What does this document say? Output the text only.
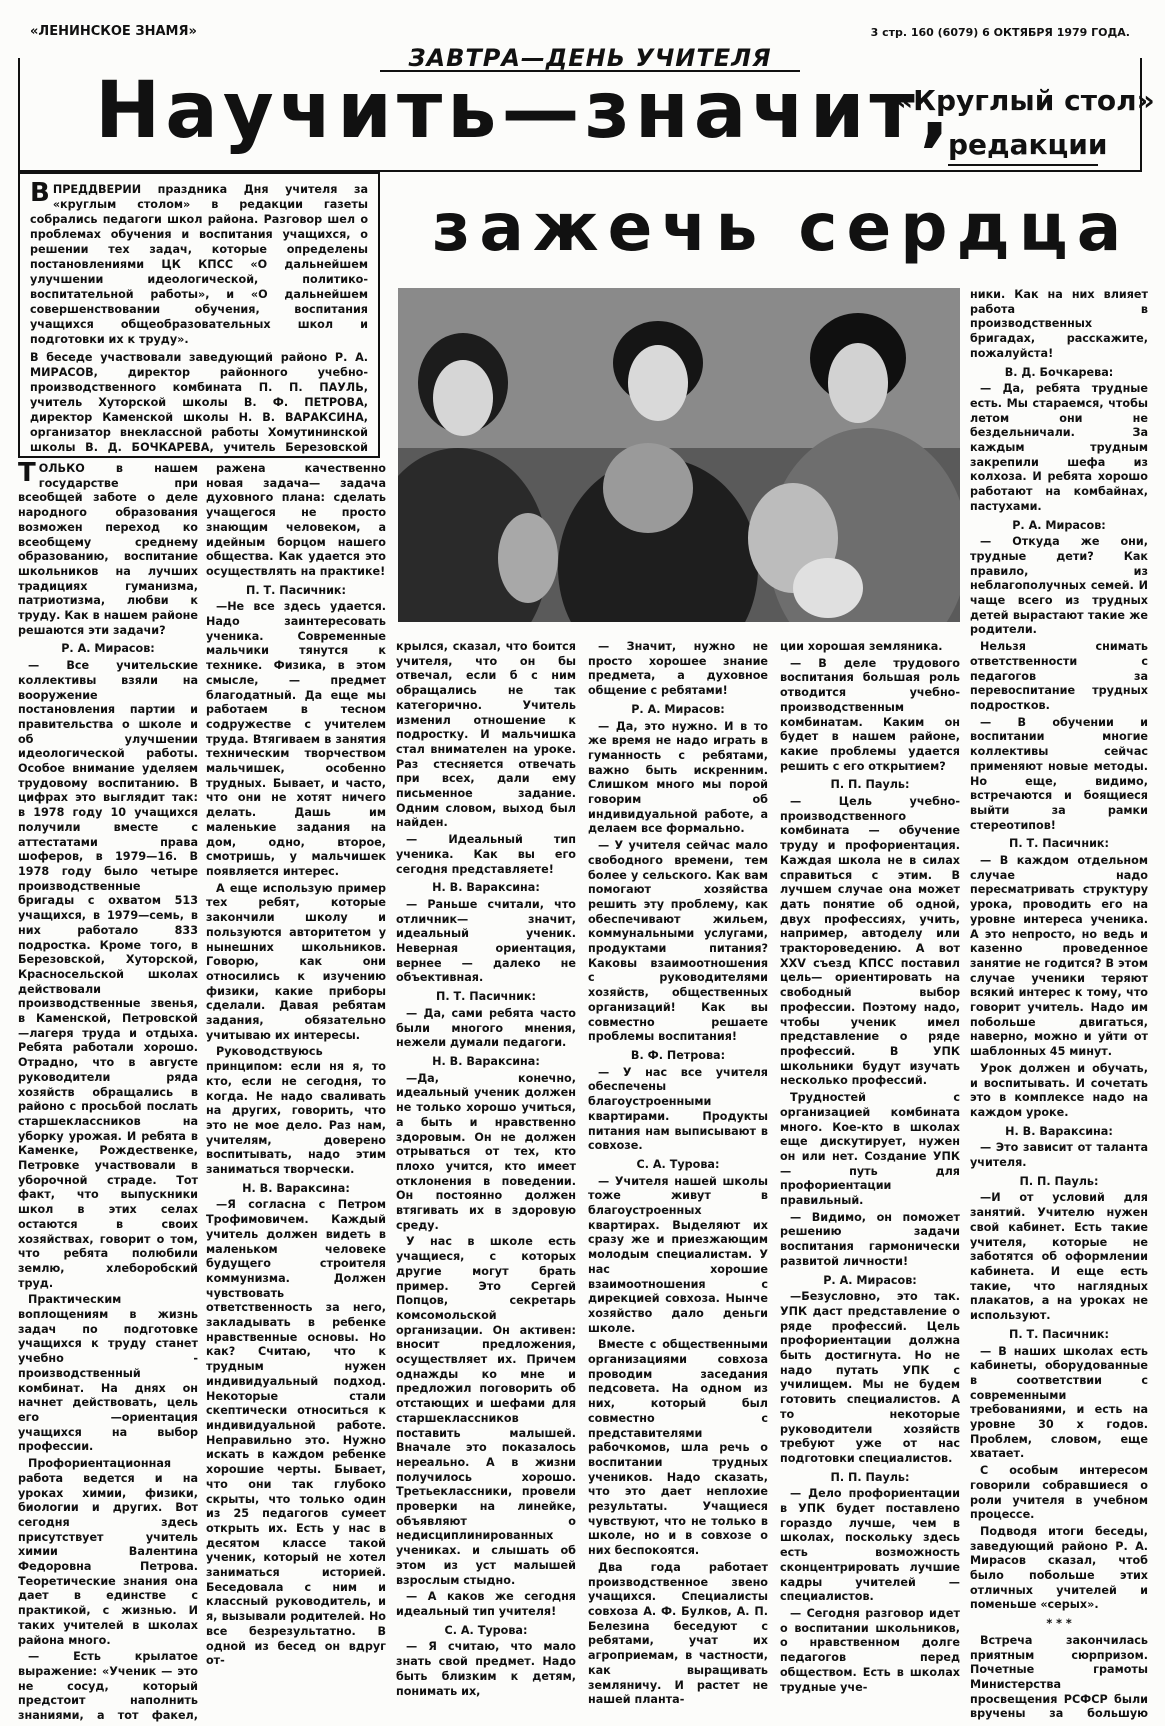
«ЛЕНИНСКОЕ ЗНАМЯ»	3 стр. 160 (6079) 6 ОКТЯБРЯ 1979 ГОДА.
ЗАВТРА—ДЕНЬ УЧИТЕЛЯ
Научить—значит,
«Круглый стол»
редакции
зажечь сердца

ВПРЕДДВЕРИИ праздника Дня учителя за «круглым столом» в редакции газеты собрались педагоги школ района. Разговор шел о проблемах обучения и воспитания учащихся, о решении тех задач, которые определены постановлениями ЦК КПСС «О дальнейшем улучшении идеологической, политико-воспитательной работы», и «О дальнейшем совершенствовании обучения, воспитания учащихся общеобразовательных школ и подготовки их к труду».

В беседе участвовали заведующий районо Р. А. МИРАСОВ, директор районного учебно-производственного комбината П. П. ПАУЛЬ, учитель Хуторской школы В. Ф. ПЕТРОВА, директор Каменской школы Н. В. ВАРАКСИНА, организатор внеклассной работы Хомутининской школы В. Д. БОЧКАРЕВА, учитель Березовской

ТОЛЬКО в нашем государстве при всеобщей заботе о деле народного образования возможен переход ко всеобщему среднему образованию, воспитание школьников на лучших традициях гуманизма, патриотизма, любви к труду. Как в нашем районе решаются эти задачи?

Р. А. Мирасов:

— Все учительские коллективы взяли на вооружение постановления партии и правительства о школе и об улучшении идеологической работы. Особое внимание уделяем трудовому воспитанию. В цифрах это выглядит так: в 1978 году 10 учащихся получили вместе с аттестатами права шоферов, в 1979—16. В 1978 году было четыре производственные бригады с охватом 513 учащихся, в 1979—семь, в них работало 833 подростка. Кроме того, в Березовской, Хуторской, Красносельской школах действовали производственные звенья, в Каменской, Петровской —лагеря труда и отдыха. Ребята работали хорошо. Отрадно, что в августе руководители ряда хозяйств обращались в районо с просьбой послать старшеклассников на уборку урожая. И ребята в Каменке, Рождественке, Петровке участвовали в уборочной страде. Тот факт, что выпускники школ в этих селах остаются в своих хозяйствах, говорит о том, что ребята полюбили землю, хлеборобский труд.

Практическим воплощениям в жизнь задач по подготовке учащихся к труду станет учебно - производственный комбинат. На днях он начнет действовать, цель его —ориентация учащихся на выбор профессии.

Профориентационная работа ведется и на уроках химии, физики, биологии и других. Вот сегодня здесь присутствует учитель химии Валентина Федоровна Петрова. Теоретические знания она дает в единстве с практикой, с жизнью. И таких учителей в школах района много.

— Есть крылатое выражение: «Ученик — это не сосуд, который предстоит наполнить знаниями, а тот факел,

ражена качественно новая задача— задача духовного плана: сделать учащегося не просто знающим человеком, а идейным борцом нашего общества. Как удается это осуществлять на практике!

П. Т. Пасичник:

—Не все здесь удается. Надо заинтересовать ученика. Современные мальчики тянутся к технике. Физика, в этом смысле, — предмет благодатный. Да еще мы работаем в тесном содружестве с учителем труда. Втягиваем в занятия техническим творчеством мальчишек, особенно трудных. Бывает, и часто, что они не хотят ничего делать. Дашь им маленькие задания на дом, одно, второе, смотришь, у мальчишек появляется интерес.

А еще использую пример тех ребят, которые закончили школу и пользуются авторитетом у нынешних школьников. Говорю, как они относились к изучению физики, какие приборы сделали. Давая ребятам задания, обязательно учитываю их интересы.

Руководствуюсь принципом: если ня я, то кто, если не сегодня, то когда. Не надо сваливать на других, говорить, что это не мое дело. Раз нам, учителям, доверено воспитывать, надо этим заниматься творчески.

Н. В. Вараксина:

—Я согласна с Петром Трофимовичем. Каждый учитель должен видеть в маленьком человеке будущего строителя коммунизма. Должен чувствовать ответственность за него, закладывать в ребенке нравственные основы. Но как? Считаю, что к трудным нужен индивидуальный подход. Некоторые стали скептически относиться к индивидуальной работе. Неправильно это. Нужно искать в каждом ребенке хорошие черты. Бывает, что они так глубоко скрыты, что только один из 25 педагогов сумеет открыть их. Есть у нас в десятом классе такой ученик, который не хотел заниматься историей. Беседовала с ним и классный руководитель, и я, вызывали родителей. Но все безрезультатно. В одной из бесед он вдруг от-

крылся, сказал, что боится учителя, что он бы отвечал, если б с ним обращались не так категорично. Учитель изменил отношение к подростку. И мальчишка стал внимателен на уроке. Раз стесняется отвечать при всех, дали ему письменное задание. Одним словом, выход был найден.

— Идеальный тип ученика. Как вы его сегодня представляете!

Н. В. Вараксина:

— Раньше считали, что отличник— значит, идеальный ученик. Неверная ориентация, вернее — далеко не объективная.

П. Т. Пасичник:

— Да, сами ребята часто были многого мнения, нежели думали педагоги.

Н. В. Вараксина:

—Да, конечно, идеальный ученик должен не только хорошо учиться, а быть и нравственно здоровым. Он не должен отрываться от тех, кто плохо учится, кто имеет отклонения в поведении. Он постоянно должен втягивать их в здоровую среду.

У нас в школе есть учащиеся, с которых другие могут брать пример. Это Сергей Попцов, секретарь комсомольской организации. Он активен: вносит предложения, осуществляет их. Причем однажды ко мне и предложил поговорить об отстающих и шефами для старшеклассников поставить малышей. Вначале это показалось нереально. А в жизни получилось хорошо. Третьеклассники, провели проверки на линейке, объявляют о недисциплинированных учениках. и слышать об этом из уст малышей взрослым стыдно.

— А каков же сегодня идеальный тип учителя!

С. А. Турова:

— Я считаю, что мало знать свой предмет. Надо быть близким к детям, понимать их,

— Значит, нужно не просто хорошее знание предмета, а духовное общение с ребятами!

Р. А. Мирасов:

— Да, это нужно. И в то же время не надо играть в гуманность с ребятами, важно быть искренним. Слишком много мы порой говорим об индивидуальной работе, а делаем все формально.

— У учителя сейчас мало свободного времени, тем более у сельского. Как вам помогают хозяйства решить эту проблему, как обеспечивают жильем, коммунальными услугами, продуктами питания? Каковы взаимоотношения с руководителями хозяйств, общественных организаций! Как вы совместно решаете проблемы воспитания!

В. Ф. Петрова:

— У нас все учителя обеспечены благоустроенными квартирами. Продукты питания нам выписывают в совхозе.

С. А. Турова:

— Учителя нашей школы тоже живут в благоустроенных квартирах. Выделяют их сразу же и приезжающим молодым специалистам. У нас хорошие взаимоотношения с дирекцией совхоза. Нынче хозяйство дало деньги школе.

Вместе с общественными организациями совхоза проводим заседания педсовета. На одном из них, который был совместно с представителями рабочкомов, шла речь о воспитании трудных учеников. Надо сказать, что это дает неплохие результаты. Учащиеся чувствуют, что не только в школе, но и в совхозе о них беспокоятся.

Два года работает производственное звено учащихся. Специалисты совхоза А. Ф. Булков, А. П. Белезина беседуют с ребятами, учат их агроприемам, в частности, как выращивать земляничу. И растет не нашей планта-

ции хорошая земляника.

— В деле трудового воспитания большая роль отводится учебно-производственным комбинатам. Каким он будет в нашем районе, какие проблемы удается решить с его открытием?

П. П. Пауль:

— Цель учебно-производственного комбината — обучение труду и профориентация. Каждая школа не в силах справиться с этим. В лучшем случае она может дать понятие об одной, двух профессиях, учить, например, автоделу или трактороведению. А вот XXV съезд КПСС поставил цель— ориентировать на свободный выбор профессии. Поэтому надо, чтобы ученик имел представление о ряде профессий. В УПК школьники будут изучать несколько профессий.

Трудностей с организацией комбината много. Кое-кто в школах еще дискутирует, нужен он или нет. Создание УПК— путь для профориентации правильный.

— Видимо, он поможет решению задачи воспитания гармонически развитой личности!

Р. А. Мирасов:

—Безусловно, это так. УПК даст представление о ряде профессий. Цель профориентации должна быть достигнута. Но не надо путать УПК с училищем. Мы не будем готовить специалистов. А то некоторые руководители хозяйств требуют уже от нас подготовки специалистов.

П. П. Пауль:

— Дело профориентации в УПК будет поставлено гораздо лучше, чем в школах, поскольку здесь есть возможность сконцентрировать лучшие кадры учителей — специалистов.

— Сегодня разговор идет о воспитании школьников, о нравственном долге педагогов перед обществом. Есть в школах трудные уче-

ники. Как на них влияет работа в производственных бригадах, расскажите, пожалуйста!

В. Д. Бочкарева:

— Да, ребята трудные есть. Мы стараемся, чтобы летом они не бездельничали. За каждым трудным закрепили шефа из колхоза. И ребята хорошо работают на комбайнах, пастухами.

Р. А. Мирасов:

— Откуда же они, трудные дети? Как правило, из неблагополучных семей. И чаще всего из трудных детей вырастают такие же родители.

Нельзя снимать ответственности с педагогов за перевоспитание трудных подростков.

— В обучении и воспитании многие коллективы сейчас применяют новые методы. Но еще, видимо, встречаются и боящиеся выйти за рамки стереотипов!

П. Т. Пасичник:

— В каждом отдельном случае надо пересматривать структуру урока, проводить его на уровне интереса ученика. А это непросто, но ведь и казенно проведенное занятие не годится? В этом случае ученики теряют всякий интерес к тому, что говорит учитель. Надо им побольше двигаться, наверно, можно и уйти от шаблонных 45 минут.

Урок должен и обучать, и воспитывать. И сочетать это в комплексе надо на каждом уроке.

Н. В. Вараксина:

— Это зависит от таланта учителя.

П. П. Пауль:

—И от условий для занятий. Учителю нужен свой кабинет. Есть такие учителя, которые не заботятся об оформлении кабинета. И еще есть такие, что наглядных плакатов, а на уроках не используют.

П. Т. Пасичник:

— В наших школах есть кабинеты, оборудованные в соответствии с современными требованиями, и есть на уровне 30 х годов. Проблем, словом, еще хватает.

С особым интересом говорили собравшиеся о роли учителя в учебном процессе.

Подводя итоги беседы, заведующий районо Р. А. Мирасов сказал, чтоб было побольше этих отличных учителей и поменьше «серых».

* * *

Встреча закончилась приятным сюрпризом. Почетные грамоты Министерства просвещения РСФСР были вручены за большую
